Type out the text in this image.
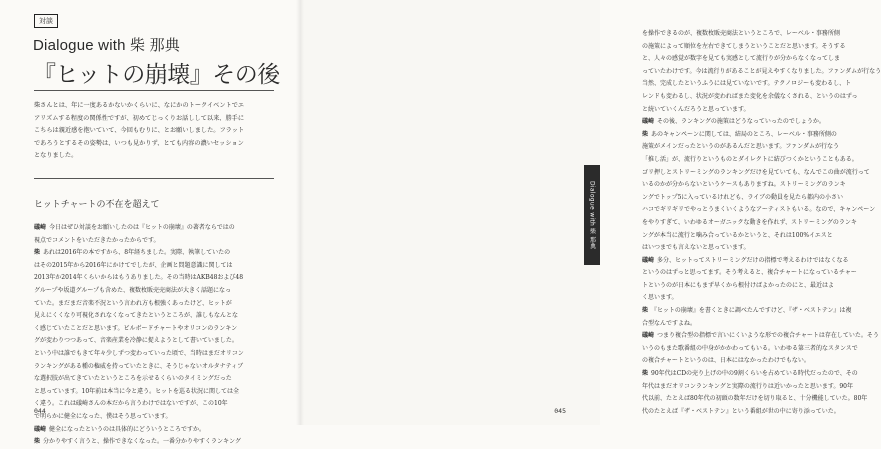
対談
Dialogue with 柴 那典
『ヒットの崩壊』その後

柴さんとは、年に一度あるかないかくらいに、なにかのトークイベントでエ

アリズムする程度の関係性ですが、初めてじっくりお話しして以来、勝手に

こちらは親近感を抱いていて、今回もむりに、とお願いしました。フラット

であろうとするその姿勢は、いつも見かりず、とても内容の濃いセッション

となりました。

ヒットチャートの不在を超えて

礒崎 今日はぜひ対談をお願いしたのは『ヒットの崩壊』の著者ならではの

視点でコメントをいただきたかったからです。

柴 あれは2016年の本ですから、8年経ちました。実際、執筆していたの

はその2015年から2016年にかけてでしたが、企画と問題意識に関しては

2013年か2014年くらいからはもうありました。その当時はAKB48および48

グループや坂道グループも含めた、複数枚販売売商法が大きく話題になっ

ていた。まだまだ音楽不況という言われ方も根強くあったけど、ヒットが

見えにくくなり可視化されなくなってきたというところが、誰しもなんとな

く感じていたことだと思います。ビルボードチャートやオリコンのランキン

グが変わりつつあって、音楽産業を冷静に捉えようとして書いていました。

という中は誰でもきて年々少しずつ変わっていった頃で、当時はまだオリコン

ランキングがある種の権威を持っていたときに、そうじゃないオルタナティブ

な選択肢が出てきていたというところを示せるくらいのタイミングだった

と思っています。10年前は本当に今と違う。ヒットを巡る状況に関しては全

く違う。これは礒崎さんの本だから言うわけではないですが、この10年

で明らかに健全になった、僕はそう思っています。

礒崎 健全になったというのは具体的にどういうところですか。

柴 分かりやすく言うと、操作できなくなった。一番分かりやすくランキング

044

を操作できるのが、複数枚販売商法というところで、レーベル・事務所側

の施策によって順位を左右できてしまうということだと思います。そうする

と、人々の感覚が数字を見ても実感として流行りが分からなくなってしま

っていたわけです。今は流行りがあることが見えやすくなりました。ファンダムが行なう

当然、完成したというふうには見ていないです。テクノロジーも変わるし、ト

レンドも変わるし、状況が変わればまた変化を余儀なくされる、というのはずっ

と続いていくんだろうと思っています。

礒崎 その後、ランキングの施策はどうなっていったのでしょうか。

柴 あのキャンペーンに関しては、結局のところ、レーベル・事務所側の

施策がメインだったというのがあるんだと思います。ファンダムが行なう

「推し活」が、流行りというものとダイレクトに結びつくかということもある。

ゴリ押しとストリーミングのランキングだけを見ていても、なんでこの曲が流行って

いるのかが分からないというケースもありますね。ストリーミングのランキ

ングでトップ5に入っているけれども、ライブの動員を見たら都内の小さい

ハコでギリギリでやっとうまくいくようなアーティストもいる。なので、キャンペーン

をやりすぎて、いわゆるオーガニックな動きを作れず、ストリーミングのランキ

ングが本当に流行と噛み合っているかというと、それは100%イエスと

はいつまでも言えないと思っています。

礒崎 多分、ヒットってストリーミングだけの指標で考えるわけではなくなる

というのはずっと思ってます。そう考えると、複合チャートになっているチャー

トというのが日本にもまず早くから根付けばよかったのにと、最近はよ

く思います。

柴 『ヒットの崩壊』を書くときに調べたんですけど、『ザ・ベストテン』は複

合型なんですよね。

礒崎 つまり複合型の指標で言いにくいような形での複合チャートは存在していた。そう

いうのもまた歌番組の中身がかかわってもいる。いわゆる第三者的なスタンスで

の複合チャートというのは、日本にはなかったわけでもない。

柴 90年代はCDの売り上げの中の9割くらいを占めている時代だったので、その

年代はまだオリコンランキングと実際の流行りは近いかったと思います。90年

代以前、たとえば80年代の初頭の数年だけを切り取ると、十分機能していた。80年

代のたとえば『ザ・ベストテン』という番組が世の中に寄り添っていた。

Dialogue with 柴 那典
045
